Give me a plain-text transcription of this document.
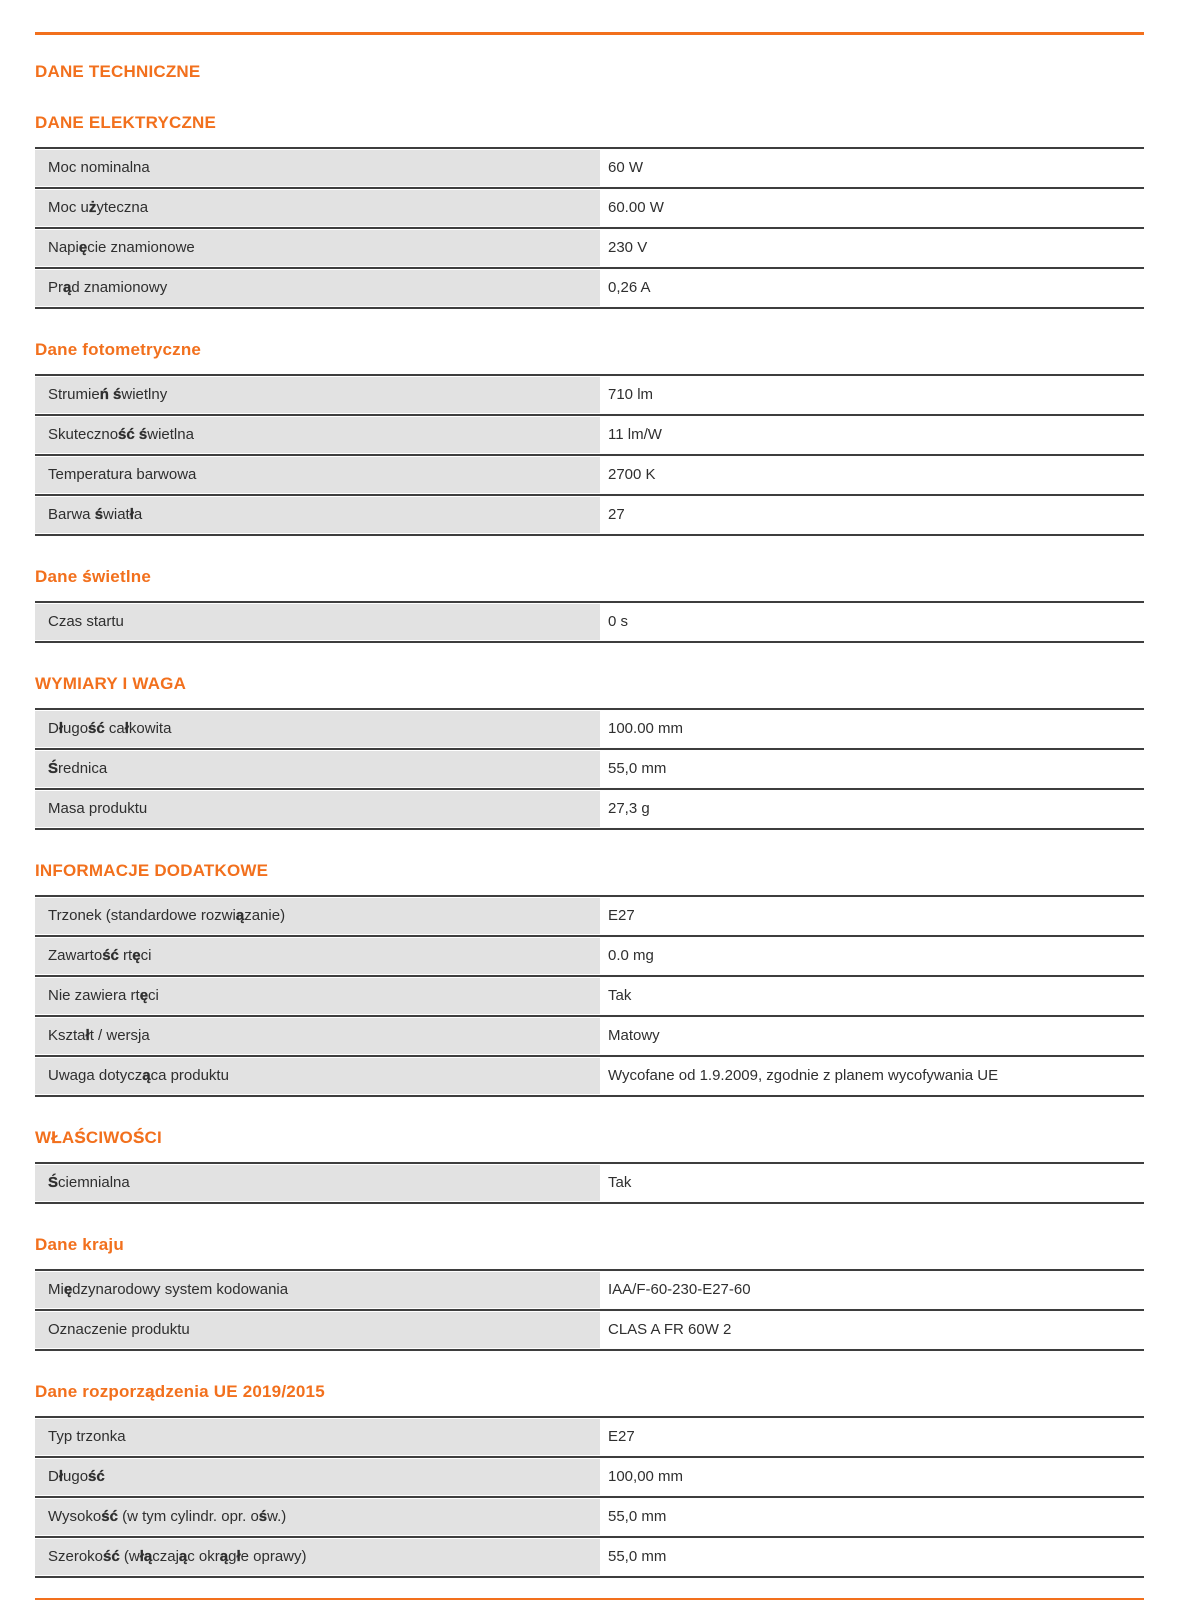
DANE TECHNICZNE
DANE ELEKTRYCZNE
Moc nominalna	60 W
Moc użyteczna	60.00 W
Napięcie znamionowe	230 V
Prąd znamionowy	0,26 A
Dane fotometryczne
Strumień świetlny	710 lm
Skuteczność świetlna	11 lm/W
Temperatura barwowa	2700 K
Barwa światła	27
Dane świetlne
Czas startu	0 s
WYMIARY I WAGA
Długość całkowita	100.00 mm
Średnica	55,0 mm
Masa produktu	27,3 g
INFORMACJE DODATKOWE
Trzonek (standardowe rozwiązanie)	E27
Zawartość rtęci	0.0 mg
Nie zawiera rtęci	Tak
Kształt / wersja	Matowy
Uwaga dotycząca produktu	Wycofane od 1.9.2009, zgodnie z planem wycofywania UE
WŁAŚCIWOŚCI
Ściemnialna	Tak
Dane kraju
Międzynarodowy system kodowania	IAA/F-60-230-E27-60
Oznaczenie produktu	CLAS A FR 60W 2
Dane rozporządzenia UE 2019/2015
Typ trzonka	E27
Długość	100,00 mm
Wysokość (w tym cylindr. opr. ośw.)	55,0 mm
Szerokość (włączając okrągłe oprawy)	55,0 mm
